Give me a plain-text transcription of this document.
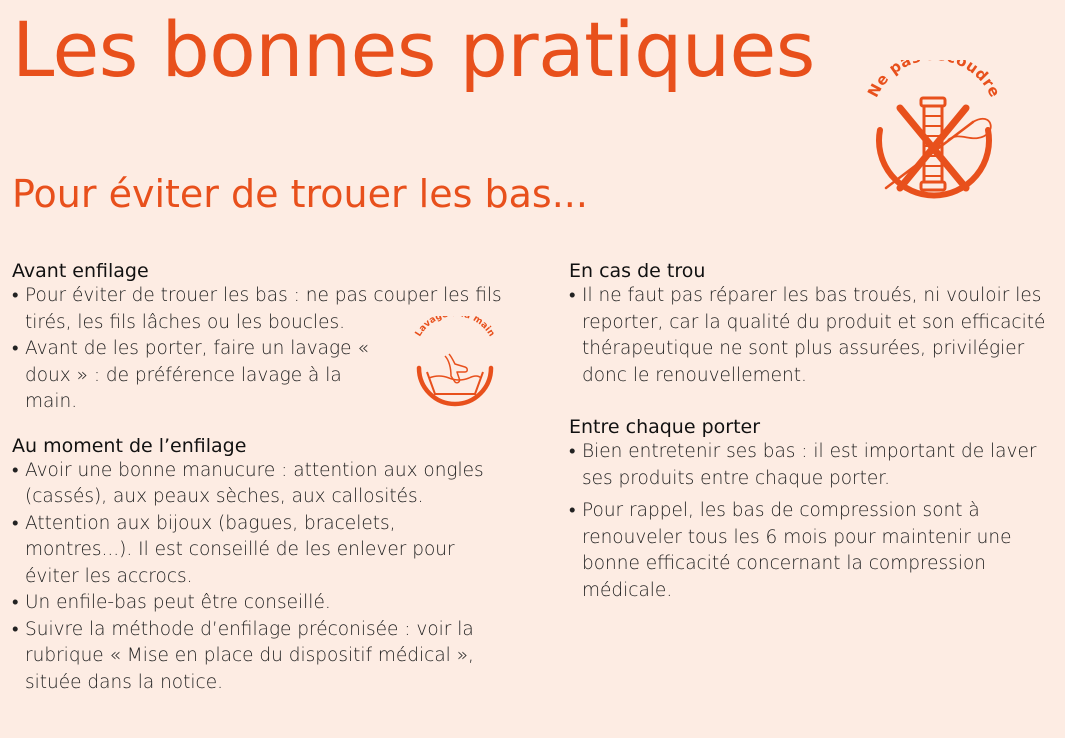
Les bonnes pratiques
Pour éviter de trouer les bas...
Avant enfilage
• Pour éviter de trouer les bas : ne pas couper les fils tirés, les fils lâches ou les boucles.
• Avant de les porter, faire un lavage « doux » : de préférence lavage à la main.
Au moment de l’enfilage
• Avoir une bonne manucure : attention aux ongles (cassés), aux peaux sèches, aux callosités.
• Attention aux bijoux (bagues, bracelets, montres...). Il est conseillé de les enlever pour éviter les accrocs.
• Un enfile-bas peut être conseillé.
• Suivre la méthode d’enfilage préconisée : voir la rubrique « Mise en place du dispositif médical », située dans la notice.
En cas de trou
• Il ne faut pas réparer les bas troués, ni vouloir les reporter, car la qualité du produit et son efficacité thérapeutique ne sont plus assurées, privilégier donc le renouvellement.
Entre chaque porter
• Bien entretenir ses bas : il est important de laver ses produits entre chaque porter.
• Pour rappel, les bas de compression sont à renouveler tous les 6 mois pour maintenir une bonne efficacité concernant la compression médicale.
Ne pa oudre
Lavag main
